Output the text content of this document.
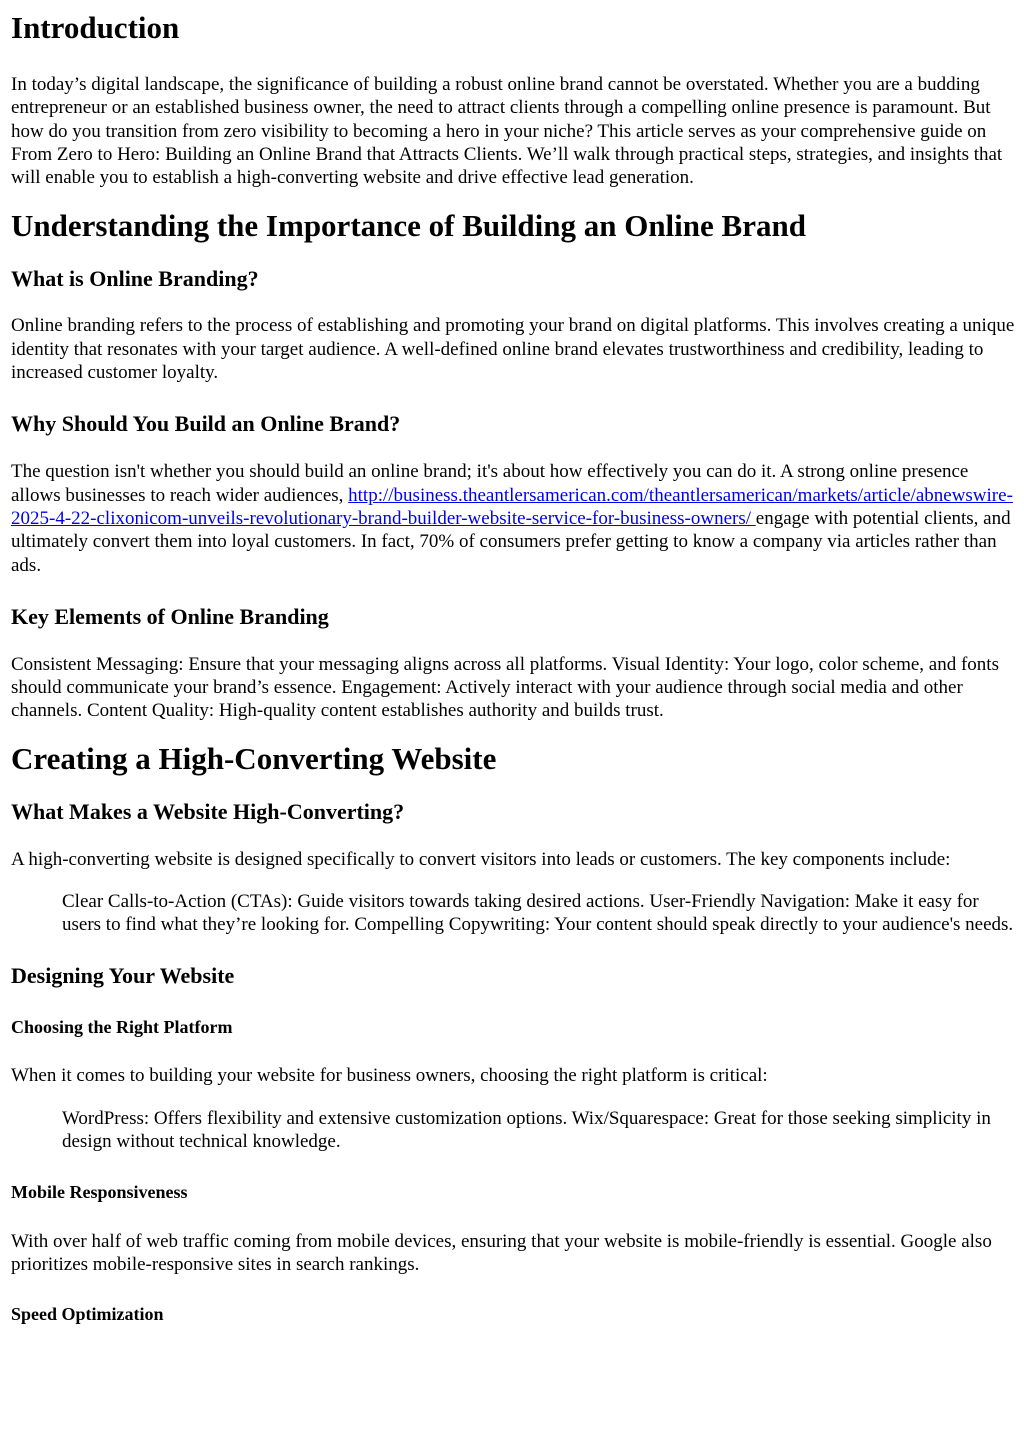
Introduction

In today’s digital landscape, the significance of building a robust online brand cannot be overstated. Whether you are a budding entrepreneur or an established business owner, the need to attract clients through a compelling online presence is paramount. But how do you transition from zero visibility to becoming a hero in your niche? This article serves as your comprehensive guide on From Zero to Hero: Building an Online Brand that Attracts Clients. We’ll walk through practical steps, strategies, and insights that will enable you to establish a high-converting website and drive effective lead generation.

Understanding the Importance of Building an Online Brand
What is Online Branding?

Online branding refers to the process of establishing and promoting your brand on digital platforms. This involves creating a unique identity that resonates with your target audience. A well-defined online brand elevates trustworthiness and credibility, leading to increased customer loyalty.

Why Should You Build an Online Brand?

The question isn't whether you should build an online brand; it's about how effectively you can do it. A strong online presence allows businesses to reach wider audiences, http://business.theantlersamerican.com/theantlersamerican/markets/article/abnewswire-2025-4-22-clixonicom-unveils-revolutionary-brand-builder-website-service-for-business-owners/ engage with potential clients, and ultimately convert them into loyal customers. In fact, 70% of consumers prefer getting to know a company via articles rather than ads.

Key Elements of Online Branding

Consistent Messaging: Ensure that your messaging aligns across all platforms. Visual Identity: Your logo, color scheme, and fonts should communicate your brand’s essence. Engagement: Actively interact with your audience through social media and other channels. Content Quality: High-quality content establishes authority and builds trust.

Creating a High-Converting Website
What Makes a Website High-Converting?

A high-converting website is designed specifically to convert visitors into leads or customers. The key components include:

Clear Calls-to-Action (CTAs): Guide visitors towards taking desired actions. User-Friendly Navigation: Make it easy for users to find what they’re looking for. Compelling Copywriting: Your content should speak directly to your audience's needs.

Designing Your Website
Choosing the Right Platform

When it comes to building your website for business owners, choosing the right platform is critical:

WordPress: Offers flexibility and extensive customization options. Wix/Squarespace: Great for those seeking simplicity in design without technical knowledge.

Mobile Responsiveness

With over half of web traffic coming from mobile devices, ensuring that your website is mobile-friendly is essential. Google also prioritizes mobile-responsive sites in search rankings.

Speed Optimization
